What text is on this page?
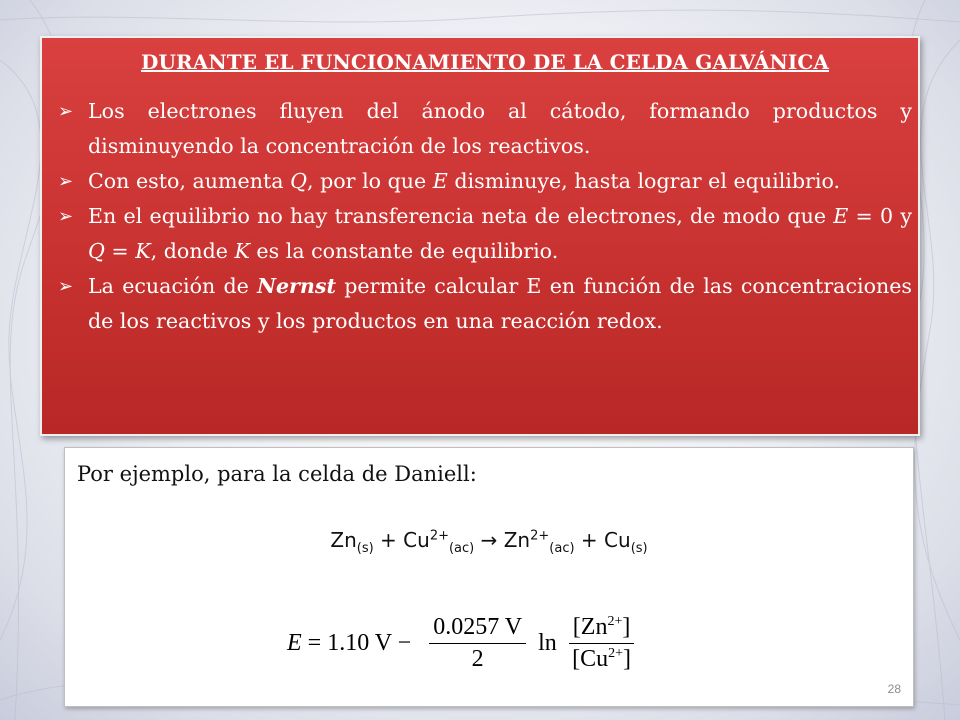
DURANTE EL FUNCIONAMIENTO DE LA CELDA GALVÁNICA
➢ Los electrones fluyen del ánodo al cátodo, formando productos y disminuyendo la concentración de los reactivos.
➢ Con esto, aumenta Q, por lo que E disminuye, hasta lograr el equilibrio.
➢ En el equilibrio no hay transferencia neta de electrones, de modo que E = 0 y Q = K, donde K es la constante de equilibrio.
➢ La ecuación de Nernst permite calcular E en función de las concentraciones de los reactivos y los productos en una reacción redox.
Por ejemplo, para la celda de Daniell:
$Zn_{(s)} + Cu^{2+}_{(ac)} \to Zn^{2+}_{(ac)} + Cu_{(s)}$
E = 1.10 $V - \frac{0.0257 V}{2}$ $\ln \frac{[Zn^{2+}]}{[Cu^{2+}]}$
28
